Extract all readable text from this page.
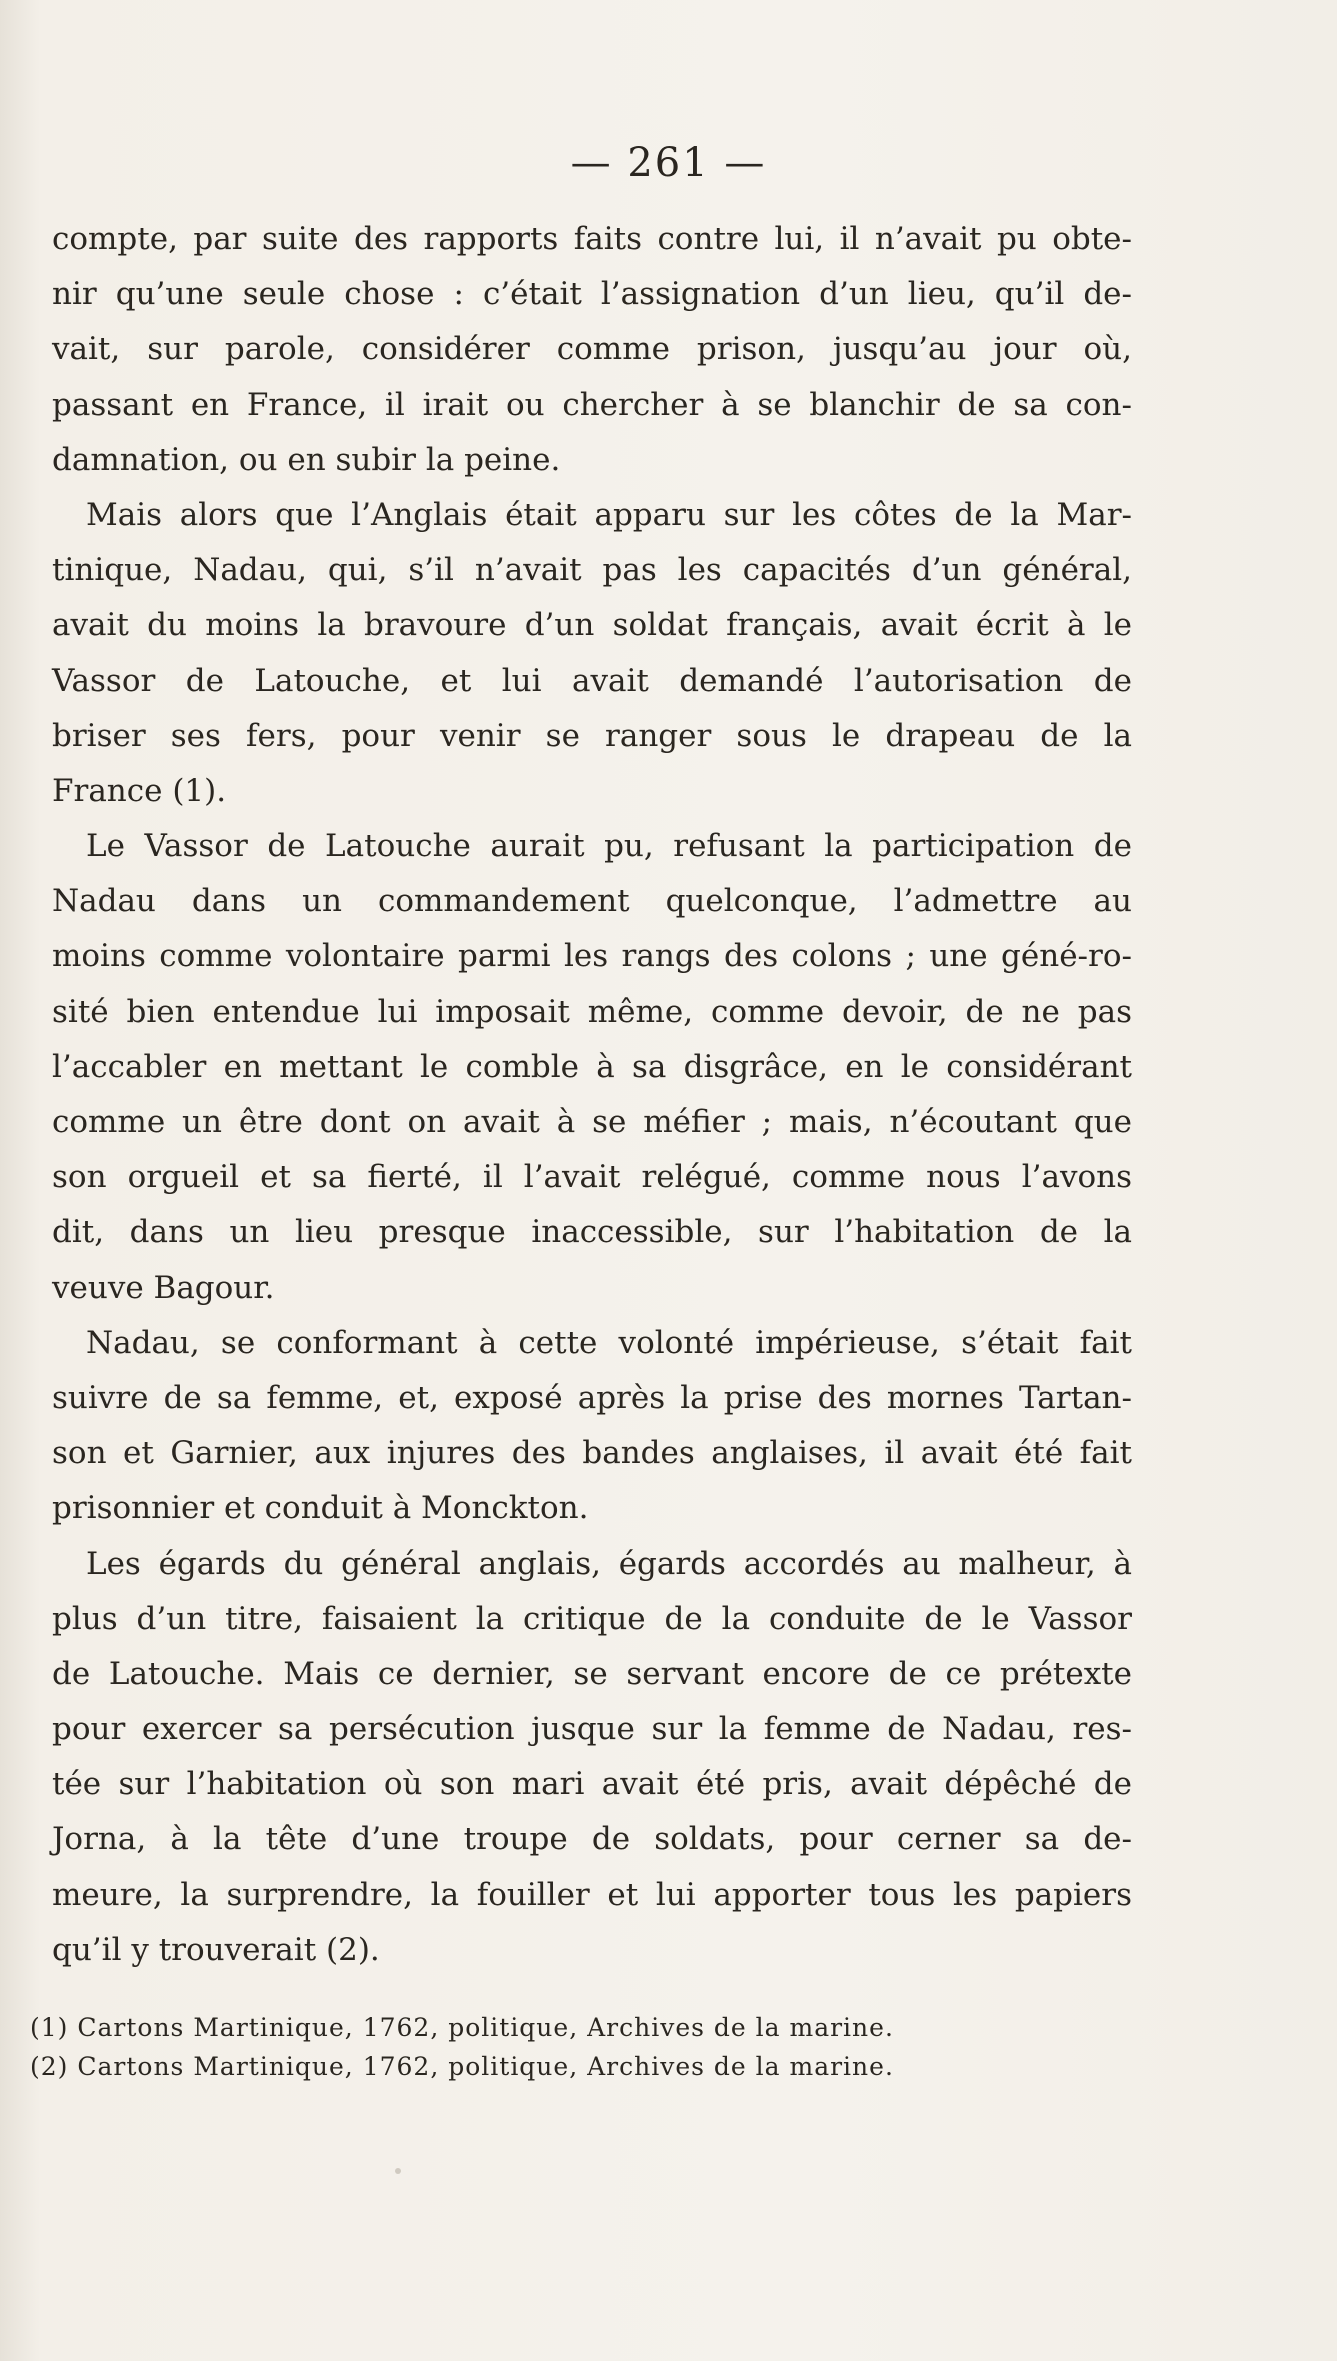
— 261 —
compte, par suite des rapports faits contre lui, il n’avait pu obte-
nir qu’une seule chose : c’était l’assignation d’un lieu, qu’il de-
vait, sur parole, considérer comme prison, jusqu’au jour où,
passant en France, il irait ou chercher à se blanchir de sa con-
damnation, ou en subir la peine.
Mais alors que l’Anglais était apparu sur les côtes de la Mar-
tinique, Nadau, qui, s’il n’avait pas les capacités d’un général,
avait du moins la bravoure d’un soldat français, avait écrit à le
Vassor de Latouche, et lui avait demandé l’autorisation de
briser ses fers, pour venir se ranger sous le drapeau de la
France (1).
Le Vassor de Latouche aurait pu, refusant la participation de
Nadau dans un commandement quelconque, l’admettre au
moins comme volontaire parmi les rangs des colons ; une géné-ro-
sité bien entendue lui imposait même, comme devoir, de ne pas
l’accabler en mettant le comble à sa disgrâce, en le considérant
comme un être dont on avait à se méfier ; mais, n’écoutant que
son orgueil et sa fierté, il l’avait relégué, comme nous l’avons
dit, dans un lieu presque inaccessible, sur l’habitation de la
veuve Bagour.
Nadau, se conformant à cette volonté impérieuse, s’était fait
suivre de sa femme, et, exposé après la prise des mornes Tartan-
son et Garnier, aux injures des bandes anglaises, il avait été fait
prisonnier et conduit à Monckton.
Les égards du général anglais, égards accordés au malheur, à
plus d’un titre, faisaient la critique de la conduite de le Vassor
de Latouche. Mais ce dernier, se servant encore de ce prétexte
pour exercer sa persécution jusque sur la femme de Nadau, res-
tée sur l’habitation où son mari avait été pris, avait dépêché de
Jorna, à la tête d’une troupe de soldats, pour cerner sa de-
meure, la surprendre, la fouiller et lui apporter tous les papiers
qu’il y trouverait (2).
(1) Cartons Martinique, 1762, politique, Archives de la marine.
(2) Cartons Martinique, 1762, politique, Archives de la marine.
